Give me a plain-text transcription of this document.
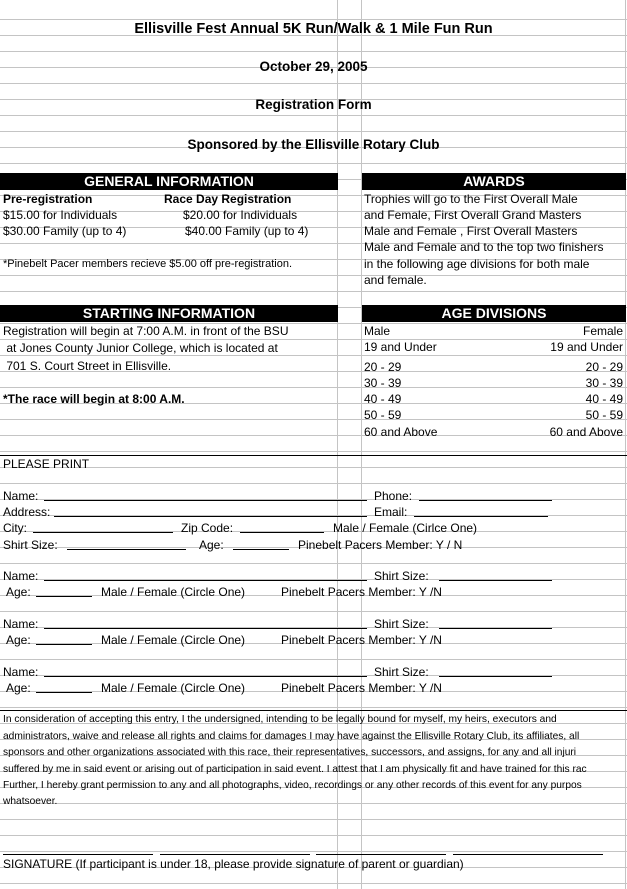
Ellisville Fest Annual 5K Run/Walk & 1 Mile Fun Run
October 29, 2005
Registration Form
Sponsored by the Ellisville Rotary Club
GENERAL INFORMATION
Pre-registration	Race Day Registration
$15.00 for Individuals	$20.00 for Individuals
$30.00 Family (up to 4)	$40.00 Family (up to 4)
*Pinebelt Pacer members recieve $5.00 off pre-registration.
AWARDS
Trophies will go to the First Overall Male
and Female, First Overall Grand Masters
Male and Female , First Overall Masters
Male and Female and to the top two finishers
in the following age divisions for both male
and female.
STARTING INFORMATION
Registration will begin at 7:00 A.M. in front of the BSU
at Jones County Junior College, which is located at
701 S. Court Street in Ellisville.
*The race will begin at 8:00 A.M.
AGE DIVISIONS
Male	Female
19 and Under	19 and Under
20 - 29	20 - 29
30 - 39	30 - 39
40 - 49	40 - 49
50 - 59	50 - 59
60 and Above	60 and Above
PLEASE PRINT
Name:	Phone:
Address:	Email:
City:	Zip Code:	Male / Female (Cirlce One)
Shirt Size:	Age:	Pinebelt Pacers Member: Y / N
Name:	Shirt Size:
Age:	Male / Female (Circle One)	Pinebelt Pacers Member: Y /N
Name:	Shirt Size:
Age:	Male / Female (Circle One)	Pinebelt Pacers Member: Y /N
Name:	Shirt Size:
Age:	Male / Female (Circle One)	Pinebelt Pacers Member: Y /N
In consideration of accepting this entry, I the undersigned, intending to be legally bound for myself, my heirs, executors and
administrators, waive and release all rights and claims for damages I may have against the Ellisville Rotary Club, its affiliates, all
sponsors and other organizations associated with this race, their representatives, successors, and assigns, for any and all injuri
suffered by me in said event or arising out of participation in said event. I attest that I am physically fit and have trained for this rac
Further, I hereby grant permission to any and all photographs, video, recordings or any other records of this event for any purpos
whatsoever.
SIGNATURE (If participant is under 18, please provide signature of parent or guardian)
